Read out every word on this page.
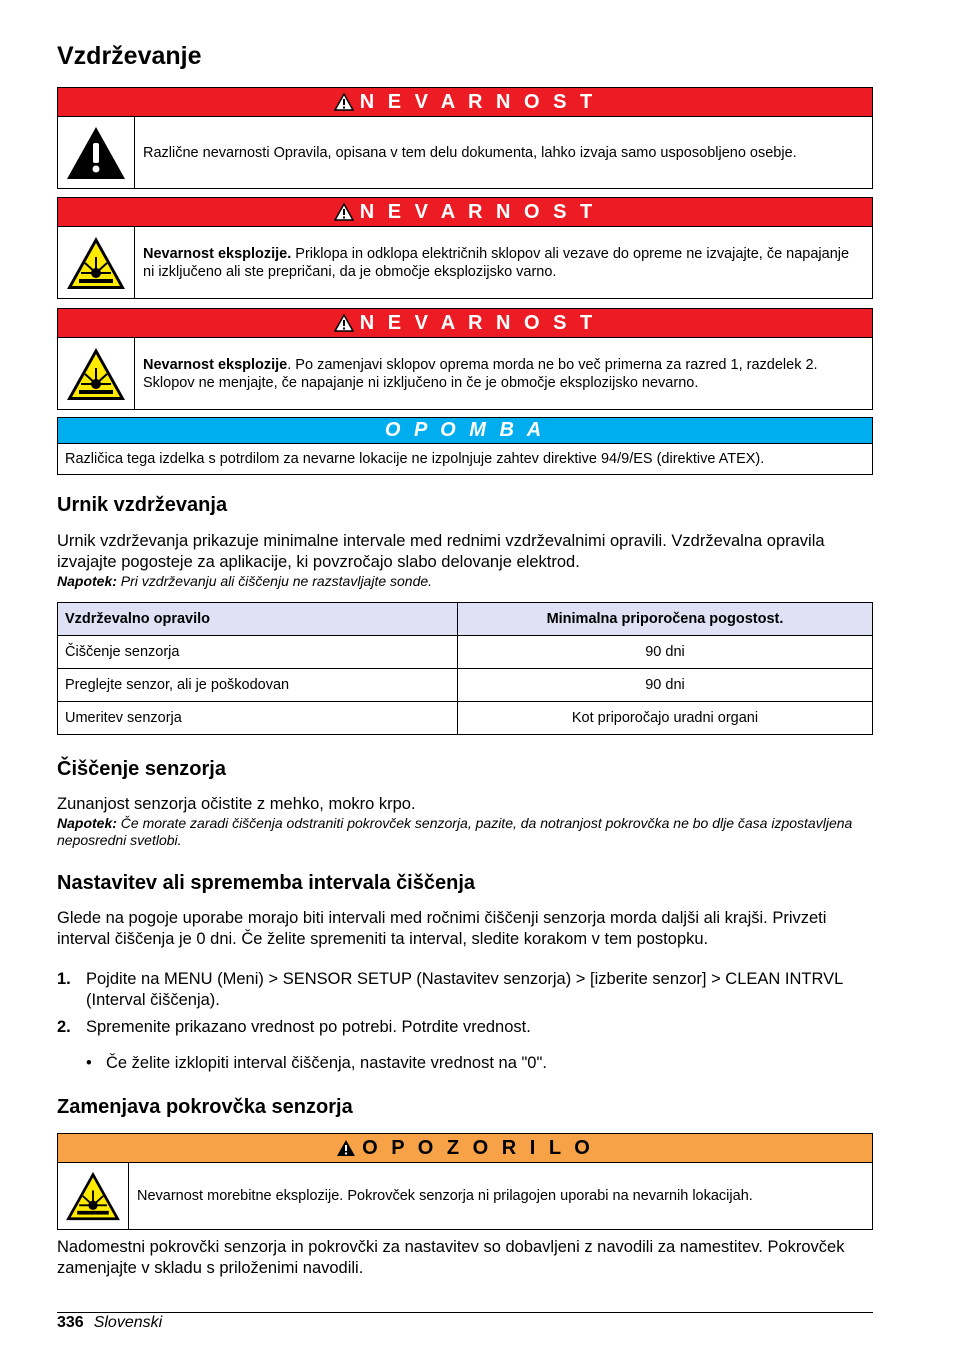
Vzdrževanje
N E V A R N O S T
Različne nevarnosti Opravila, opisana v tem delu dokumenta, lahko izvaja samo usposobljeno osebje.
N E V A R N O S T
Nevarnost eksplozije. Priklopa in odklopa električnih sklopov ali vezave do opreme ne izvajajte, če napajanje ni izključeno ali ste prepričani, da je območje eksplozijsko varno.
N E V A R N O S T
Nevarnost eksplozije. Po zamenjavi sklopov oprema morda ne bo več primerna za razred 1, razdelek 2. Sklopov ne menjajte, če napajanje ni izključeno in če je območje eksplozijsko nevarno.
O P O M B A
Različica tega izdelka s potrdilom za nevarne lokacije ne izpolnjuje zahtev direktive 94/9/ES (direktive ATEX).
Urnik vzdrževanja

Urnik vzdrževanja prikazuje minimalne intervale med rednimi vzdrževalnimi opravili. Vzdrževalna opravila izvajajte pogosteje za aplikacije, ki povzročajo slabo delovanje elektrod.

Napotek: Pri vzdrževanju ali čiščenju ne razstavljajte sonde.
Vzdrževalno opravilo	Minimalna priporočena pogostost.
Čiščenje senzorja	90 dni
Preglejte senzor, ali je poškodovan	90 dni
Umeritev senzorja	Kot priporočajo uradni organi
Čiščenje senzorja

Zunanjost senzorja očistite z mehko, mokro krpo.

Napotek: Če morate zaradi čiščenja odstraniti pokrovček senzorja, pazite, da notranjost pokrovčka ne bo dlje časa izpostavljena neposredni svetlobi.
Nastavitev ali sprememba intervala čiščenja

Glede na pogoje uporabe morajo biti intervali med ročnimi čiščenji senzorja morda daljši ali krajši. Privzeti interval čiščenja je 0 dni. Če želite spremeniti ta interval, sledite korakom v tem postopku.

1. Pojdite na MENU (Meni) > SENSOR SETUP (Nastavitev senzorja) > [izberite senzor] > CLEAN INTRVL (Interval čiščenja).
2. Spremenite prikazano vrednost po potrebi. Potrdite vrednost.
• Če želite izklopiti interval čiščenja, nastavite vrednost na "0".
Zamenjava pokrovčka senzorja
O P O Z O R I L O
Nevarnost morebitne eksplozije. Pokrovček senzorja ni prilagojen uporabi na nevarnih lokacijah.

Nadomestni pokrovčki senzorja in pokrovčki za nastavitev so dobavljeni z navodili za namestitev. Pokrovček zamenjajte v skladu s priloženimi navodili.

336 Slovenski
